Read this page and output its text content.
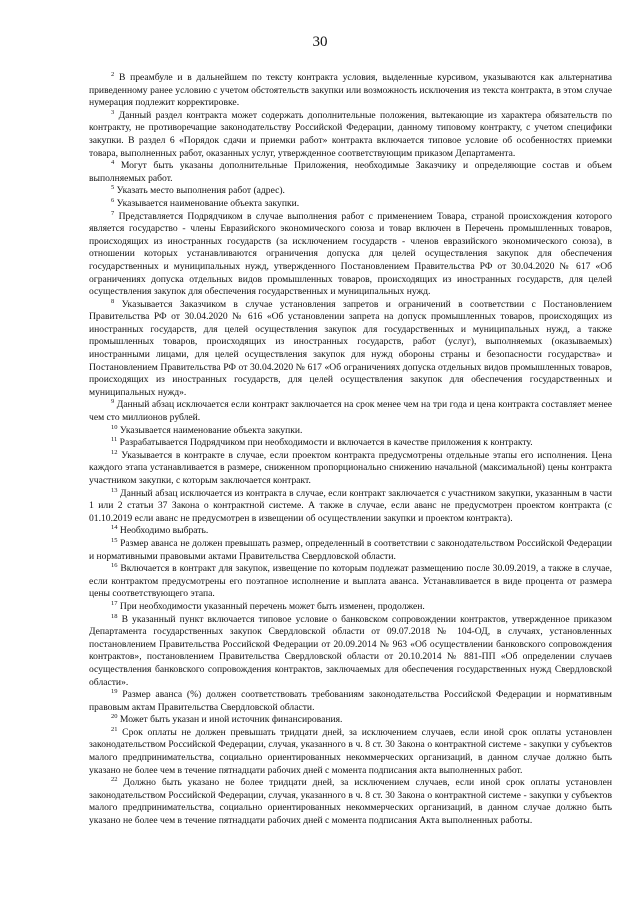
30

$^2$ В преамбуле и в дальнейшем по тексту контракта условия, выделенные курсивом, указываются как альтернатива приведенному ранее условию с учетом обстоятельств закупки или возможность исключения из текста контракта, в этом случае нумерация подлежит корректировке.

$^3$ Данный раздел контракта может содержать дополнительные положения, вытекающие из характера обязательств по контракту, не противоречащие законодательству Российской Федерации, данному типовому контракту, с учетом специфики закупки. В раздел 6 «Порядок сдачи и приемки работ» контракта включается типовое условие об особенностях приемки товара, выполненных работ, оказанных услуг, утвержденное соответствующим приказом Департамента.

$^4$ Могут быть указаны дополнительные Приложения, необходимые Заказчику и определяющие состав и объем выполняемых работ.

$^5$ Указать место выполнения работ (адрес).

$^6$ Указывается наименование объекта закупки.

$^7$ Представляется Подрядчиком в случае выполнения работ с применением Товара, страной происхождения которого является государство - члены Евразийского экономического союза и товар включен в Перечень промышленных товаров, происходящих из иностранных государств (за исключением государств - членов евразийского экономического союза), в отношении которых устанавливаются ограничения допуска для целей осуществления закупок для обеспечения государственных и муниципальных нужд, утвержденного Постановлением Правительства РФ от 30.04.2020 № 617 «Об ограничениях допуска отдельных видов промышленных товаров, происходящих из иностранных государств, для целей осуществления закупок для обеспечения государственных и муниципальных нужд.

$^8$ Указывается Заказчиком в случае установления запретов и ограничений в соответствии с Постановлением Правительства РФ от 30.04.2020 № 616 «Об установлении запрета на допуск промышленных товаров, происходящих из иностранных государств, для целей осуществления закупок для государственных и муниципальных нужд, а также промышленных товаров, происходящих из иностранных государств, работ (услуг), выполняемых (оказываемых) иностранными лицами, для целей осуществления закупок для нужд обороны страны и безопасности государства» и Постановлением Правительства РФ от 30.04.2020 № 617 «Об ограничениях допуска отдельных видов промышленных товаров, происходящих из иностранных государств, для целей осуществления закупок для обеспечения государственных и муниципальных нужд».

$^9$ Данный абзац исключается если контракт заключается на срок менее чем на три года и цена контракта составляет менее чем сто миллионов рублей.

$^{10}$ Указывается наименование объекта закупки.

$^{11}$ Разрабатывается Подрядчиком при необходимости и включается в качестве приложения к контракту.

$^{12}$ Указывается в контракте в случае, если проектом контракта предусмотрены отдельные этапы его исполнения. Цена каждого этапа устанавливается в размере, сниженном пропорционально снижению начальной (максимальной) цены контракта участником закупки, с которым заключается контракт.

$^{13}$ Данный абзац исключается из контракта в случае, если контракт заключается с участником закупки, указанным в части 1 или 2 статьи 37 Закона о контрактной системе. А также в случае, если аванс не предусмотрен проектом контракта (с 01.10.2019 если аванс не предусмотрен в извещении об осуществлении закупки и проектом контракта).

$^{14}$ Необходимо выбрать.

$^{15}$ Размер аванса не должен превышать размер, определенный в соответствии с законодательством Российской Федерации и нормативными правовыми актами Правительства Свердловской области.

$^{16}$ Включается в контракт для закупок, извещение по которым подлежат размещению после 30.09.2019, а также в случае, если контрактом предусмотрены его поэтапное исполнение и выплата аванса. Устанавливается в виде процента от размера цены соответствующего этапа.

$^{17}$ При необходимости указанный перечень может быть изменен, продолжен.

$^{18}$ В указанный пункт включается типовое условие о банковском сопровождении контрактов, утвержденное приказом Департамента государственных закупок Свердловской области от 09.07.2018 № 104-ОД, в случаях, установленных постановлением Правительства Российской Федерации от 20.09.2014 № 963 «Об осуществлении банковского сопровождения контрактов», постановлением Правительства Свердловской области от 20.10.2014 № 881-ПП «Об определении случаев осуществления банковского сопровождения контрактов, заключаемых для обеспечения государственных нужд Свердловской области».

$^{19}$ Размер аванса (%) должен соответствовать требованиям законодательства Российской Федерации и нормативным правовым актам Правительства Свердловской области.

$^{20}$ Может быть указан и иной источник финансирования.

$^{21}$ Срок оплаты не должен превышать тридцати дней, за исключением случаев, если иной срок оплаты установлен законодательством Российской Федерации, случая, указанного в ч. 8 ст. 30 Закона о контрактной системе - закупки у субъектов малого предпринимательства, социально ориентированных некоммерческих организаций, в данном случае должно быть указано не более чем в течение пятнадцати рабочих дней с момента подписания акта выполненных работ.

$^{22}$ Должно быть указано не более тридцати дней, за исключением случаев, если иной срок оплаты установлен законодательством Российской Федерации, случая, указанного в ч. 8 ст. 30 Закона о контрактной системе - закупки у субъектов малого предпринимательства, социально ориентированных некоммерческих организаций, в данном случае должно быть указано не более чем в течение пятнадцати рабочих дней с момента подписания Акта выполненных работы.
